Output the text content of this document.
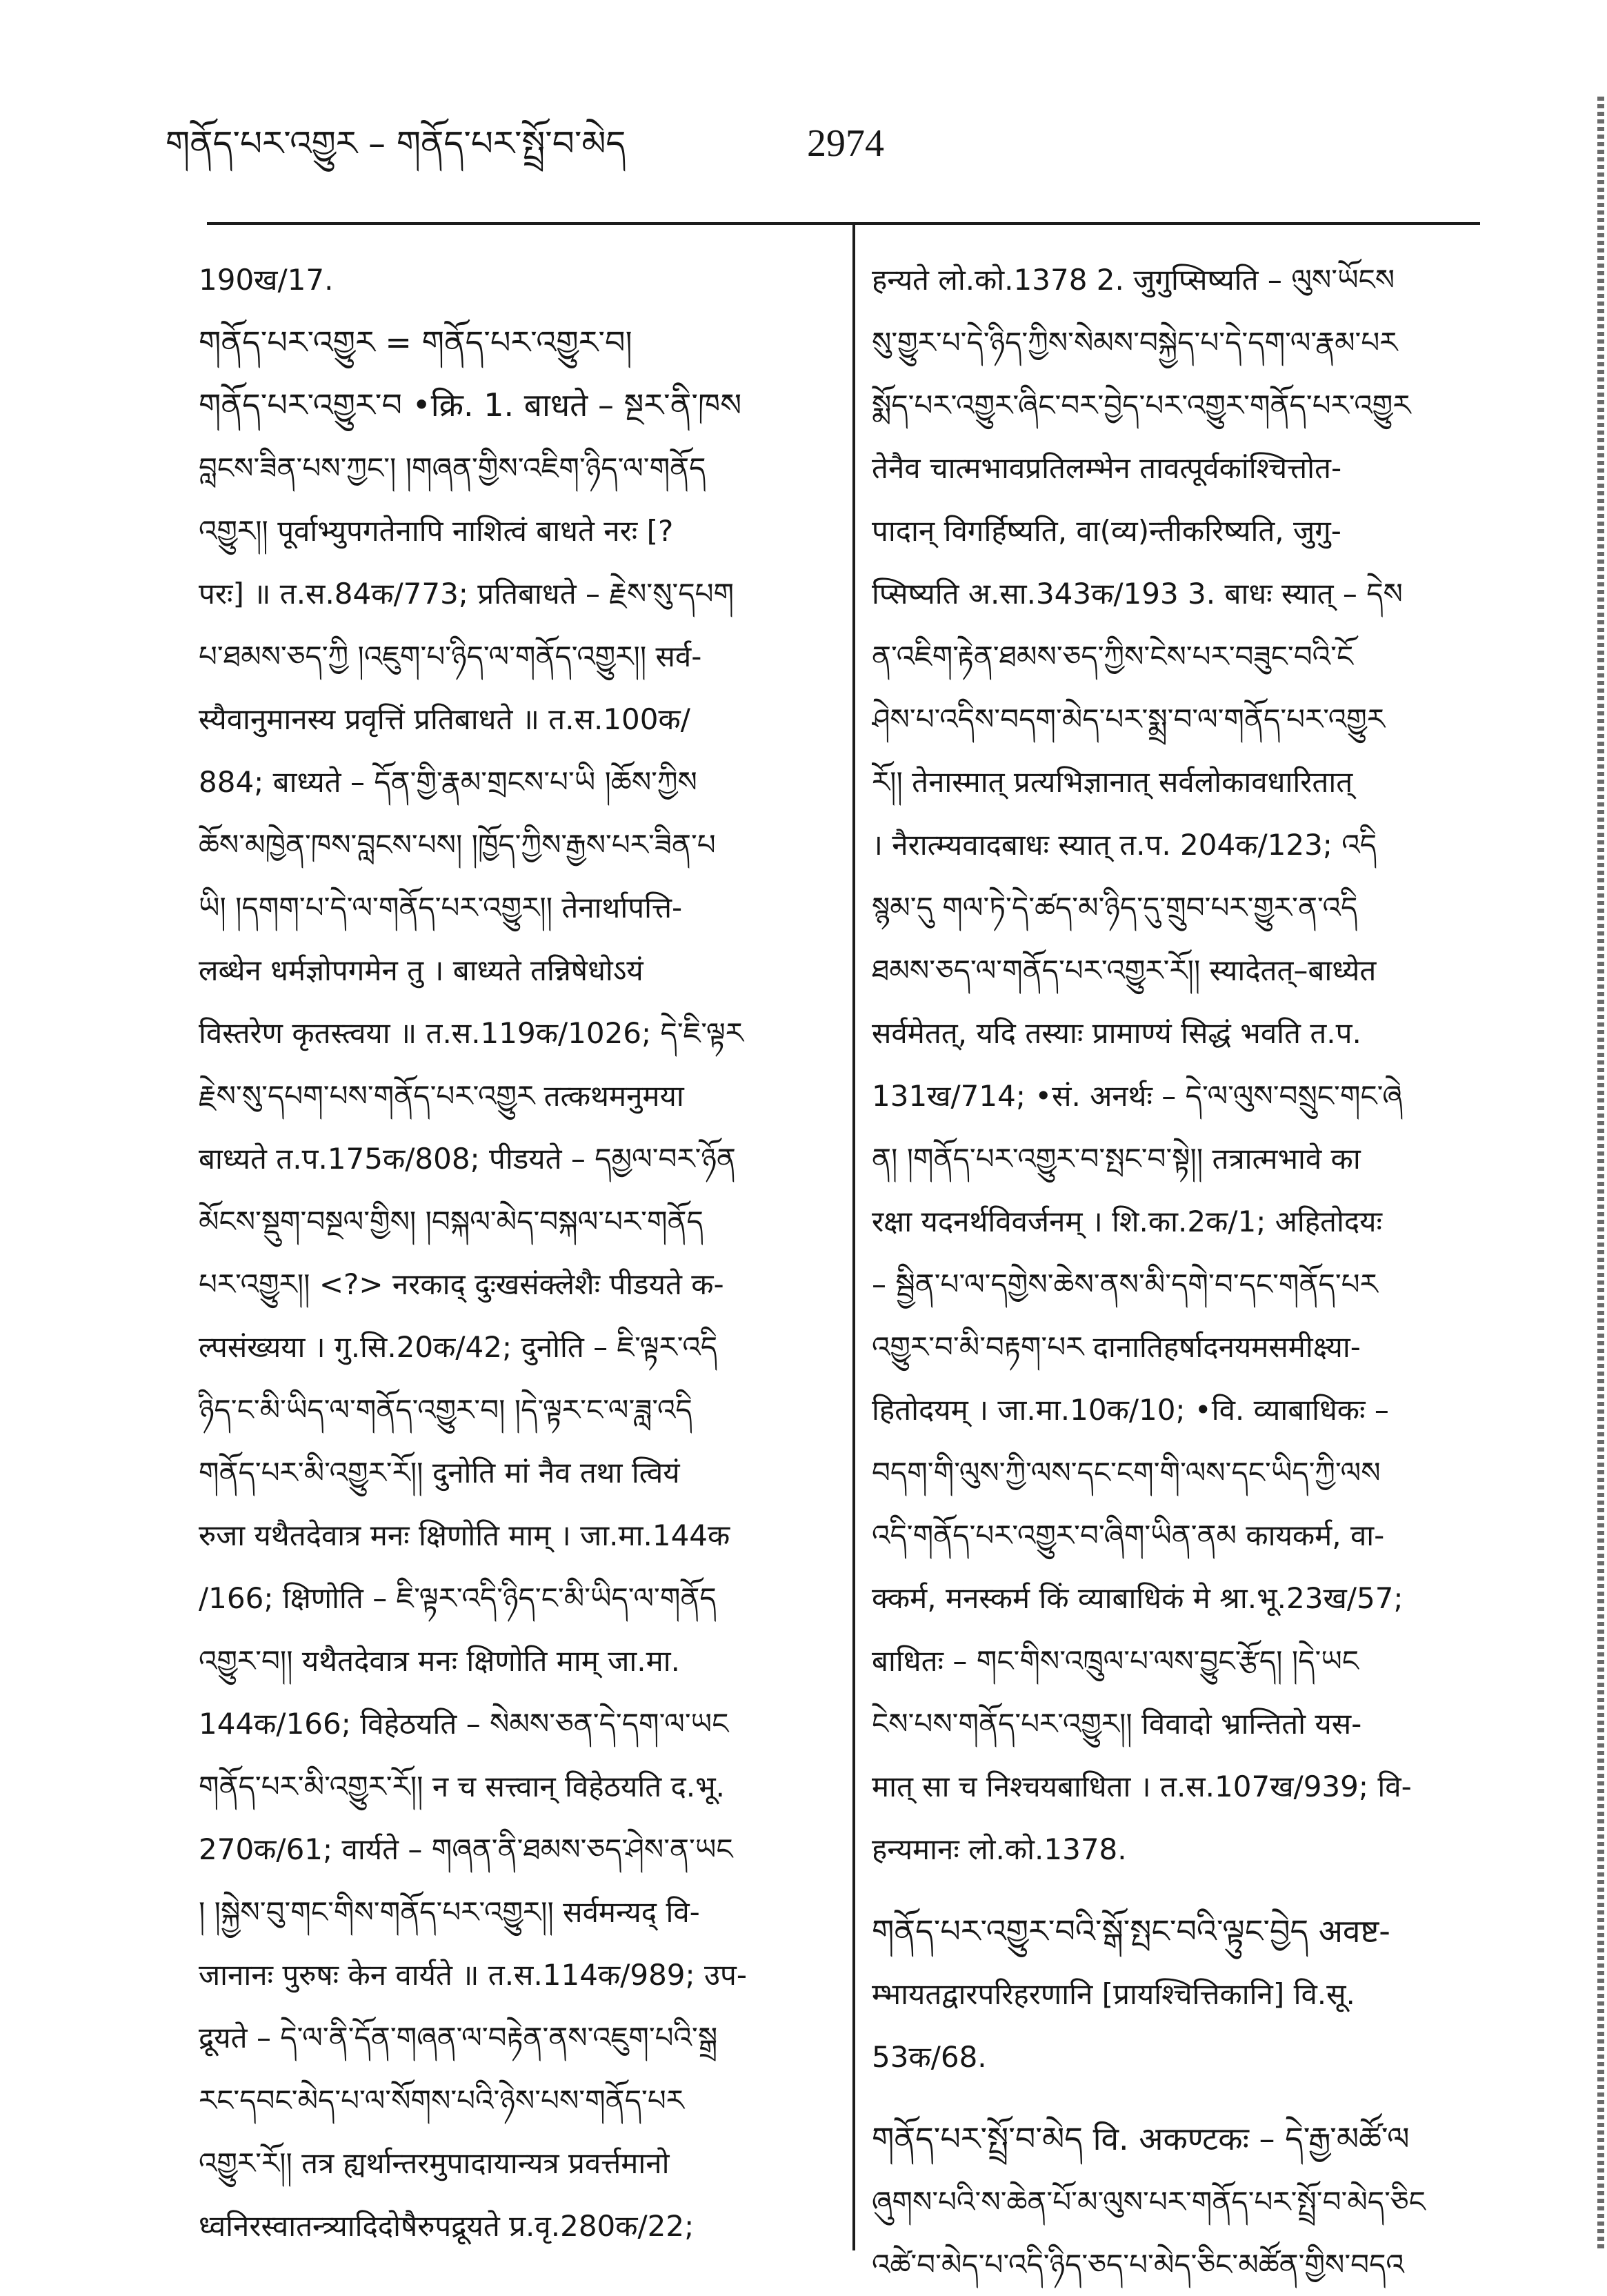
གནོད་པར་འགྱུར – གནོད་པར་སྤྲོ་བ་མེད	2974
190ख/17.
གནོད་པར་འགྱུར = གནོད་པར་འགྱུར་བ།
གནོད་པར་འགྱུར་བ •क्रि. 1. बाधते – སྔར་ནི་ཁས
བླངས་ཟིན་པས་ཀྱང་། །གཞན་གྱིས་འཇིག་ཉིད་ལ་གནོད
འགྱུར།། पूर्वाभ्युपगतेनापि नाशित्वं बाधते नरः [?
परः] ॥ त.स.84क/773; प्रतिबाधते – རྗེས་སུ་དཔག
པ་ཐམས་ཅད་ཀྱི །འཇུག་པ་ཉིད་ལ་གནོད་འགྱུར།། सर्व-
स्यैवानुमानस्य प्रवृत्तिं प्रतिबाधते ॥ त.स.100क/
884; बाध्यते – དོན་གྱི་རྣམ་གྲངས་པ་ཡི །ཆོས་ཀྱིས
ཆོས་མཁྱེན་ཁས་བླངས་པས། །ཁྱོད་ཀྱིས་རྒྱས་པར་ཟིན་པ
ཡི། །དགག་པ་དེ་ལ་གནོད་པར་འགྱུར།། तेनार्थापत्ति-
लब्धेन धर्मज्ञोपगमेन तु । बाध्यते तन्निषेधोऽयं
विस्तरेण कृतस्त्वया ॥ त.स.119क/1026; དེ་ཇི་ལྟར
རྗེས་སུ་དཔག་པས་གནོད་པར་འགྱུར तत्कथमनुमया
बाध्यते त.प.175क/808; पीडयते – དམྱལ་བར་ཉོན
མོངས་སྡུག་བསྔལ་གྱིས། །བསྐལ་མེད་བསྐལ་པར་གནོད
པར་འགྱུར།། <?> नरकाद् दुःखसंक्लेशैः पीडयते क-
ल्पसंख्यया । गु.सि.20क/42; दुनोति – ཇི་ལྟར་འདི
ཉིད་ང་མི་ཡིད་ལ་གནོད་འགྱུར་བ། །དེ་ལྟར་ང་ལ་ཟླ་འདི
གནོད་པར་མི་འགྱུར་རོ།། दुनोति मां नैव तथा त्वियं
रुजा यथैतदेवात्र मनः क्षिणोति माम् । जा.मा.144क
/166; क्षिणोति – ཇི་ལྟར་འདི་ཉིད་ང་མི་ཡིད་ལ་གནོད
འགྱུར་བ།། यथैतदेवात्र मनः क्षिणोति माम् जा.मा.
144क/166; विहेठयति – སེམས་ཅན་དེ་དག་ལ་ཡང
གནོད་པར་མི་འགྱུར་རོ།། न च सत्त्वान् विहेठयति द.भू.
270क/61; वार्यते – གཞན་ནི་ཐམས་ཅད་ཤེས་ན་ཡང
། །སྐྱེས་བུ་གང་གིས་གནོད་པར་འགྱུར།། सर्वमन्यद् वि-
जानानः पुरुषः केन वार्यते ॥ त.स.114क/989; उप-
द्रूयते – དེ་ལ་ནི་དོན་གཞན་ལ་བརྟེན་ནས་འཇུག་པའི་སྒྲ
རང་དབང་མེད་པ་ལ་སོགས་པའི་ཉེས་པས་གནོད་པར
འགྱུར་རོ།། तत्र ह्यर्थान्तरमुपादायान्यत्र प्रवर्त्तमानो
ध्वनिरस्वातन्त्र्यादिदोषैरुपद्रूयते प्र.वृ.280क/22;
हन्यते लो.को.1378 2. जुगुप्सिष्यति – ལུས་ཡོངས
སུ་གྱུར་པ་དེ་ཉིད་ཀྱིས་སེམས་བསྐྱེད་པ་དེ་དག་ལ་རྣམ་པར
སྨོད་པར་འགྱུར་ཞིང་བར་བྱེད་པར་འགྱུར་གནོད་པར་འགྱུར
तेनैव चात्मभावप्रतिलम्भेन तावत्पूर्वकांश्चित्तोत-
पादान् विगर्हिष्यति, वा(व्य)न्तीकरिष्यति, जुगु-
प्सिष्यति अ.सा.343क/193 3. बाधः स्यात् – དེས
ན་འཇིག་རྟེན་ཐམས་ཅད་ཀྱིས་ངེས་པར་བཟུང་བའི་ངོ
ཤེས་པ་འདིས་བདག་མེད་པར་སྨྲ་བ་ལ་གནོད་པར་འགྱུར
རོ།། तेनास्मात् प्रत्यभिज्ञानात् सर्वलोकावधारितात्
। नैरात्म्यवादबाधः स्यात् त.प. 204क/123; འདི
སྙམ་དུ གལ་ཏེ་དེ་ཚད་མ་ཉིད་དུ་གྲུབ་པར་གྱུར་ན་འདི
ཐམས་ཅད་ལ་གནོད་པར་འགྱུར་རོ།། स्यादेतत्–बाध्येत
सर्वमेतत्, यदि तस्याः प्रामाण्यं सिद्धं भवति त.प.
131ख/714; •सं. अनर्थः – དེ་ལ་ལུས་བསྲུང་གང་ཞེ
ན། །གནོད་པར་འགྱུར་བ་སྤང་བ་སྟེ།། तत्रात्मभावे का
रक्षा यदनर्थविवर्जनम् । शि.का.2क/1; अहितोदयः
– སྦྱིན་པ་ལ་དགྱེས་ཆེས་ནས་མི་དགེ་བ་དང་གནོད་པར
འགྱུར་བ་མི་བརྟག་པར दानातिहर्षादनयमसमीक्ष्या-
हितोदयम् । जा.मा.10क/10; •वि. व्याबाधिकः –
བདག་གི་ལུས་ཀྱི་ལས་དང་ངག་གི་ལས་དང་ཡིད་ཀྱི་ལས
འདི་གནོད་པར་འགྱུར་བ་ཞིག་ཡིན་ནམ कायकर्म, वा-
क्कर्म, मनस्कर्म किं व्याबाधिकं मे श्रा.भू.23ख/57;
बाधितः – གང་གིས་འཁྲུལ་པ་ལས་བྱུང་རྩོད། །དེ་ཡང
ངེས་པས་གནོད་པར་འགྱུར།། विवादो भ्रान्तितो यस-
मात् सा च निश्चयबाधिता । त.स.107ख/939; वि-
हन्यमानः लो.को.1378.
གནོད་པར་འགྱུར་བའི་སྒོ་སྤང་བའི་ལྟུང་བྱེད अवष्ट-
म्भायतद्वारपरिहरणानि [प्रायश्चित्तिकानि] वि.सू.
53क/68.
གནོད་པར་སྤྲོ་བ་མེད वि. अकण्टकः – དེ་རྒྱ་མཚོ་ལ
ཞུགས་པའི་ས་ཆེན་པོ་མ་ལུས་པར་གནོད་པར་སྤྲོ་བ་མེད་ཅིང
འཚེ་བ་མེད་པ་འདི་ཉིད་ཅད་པ་མེད་ཅིང་མཚོན་གྱིས་བདའ
